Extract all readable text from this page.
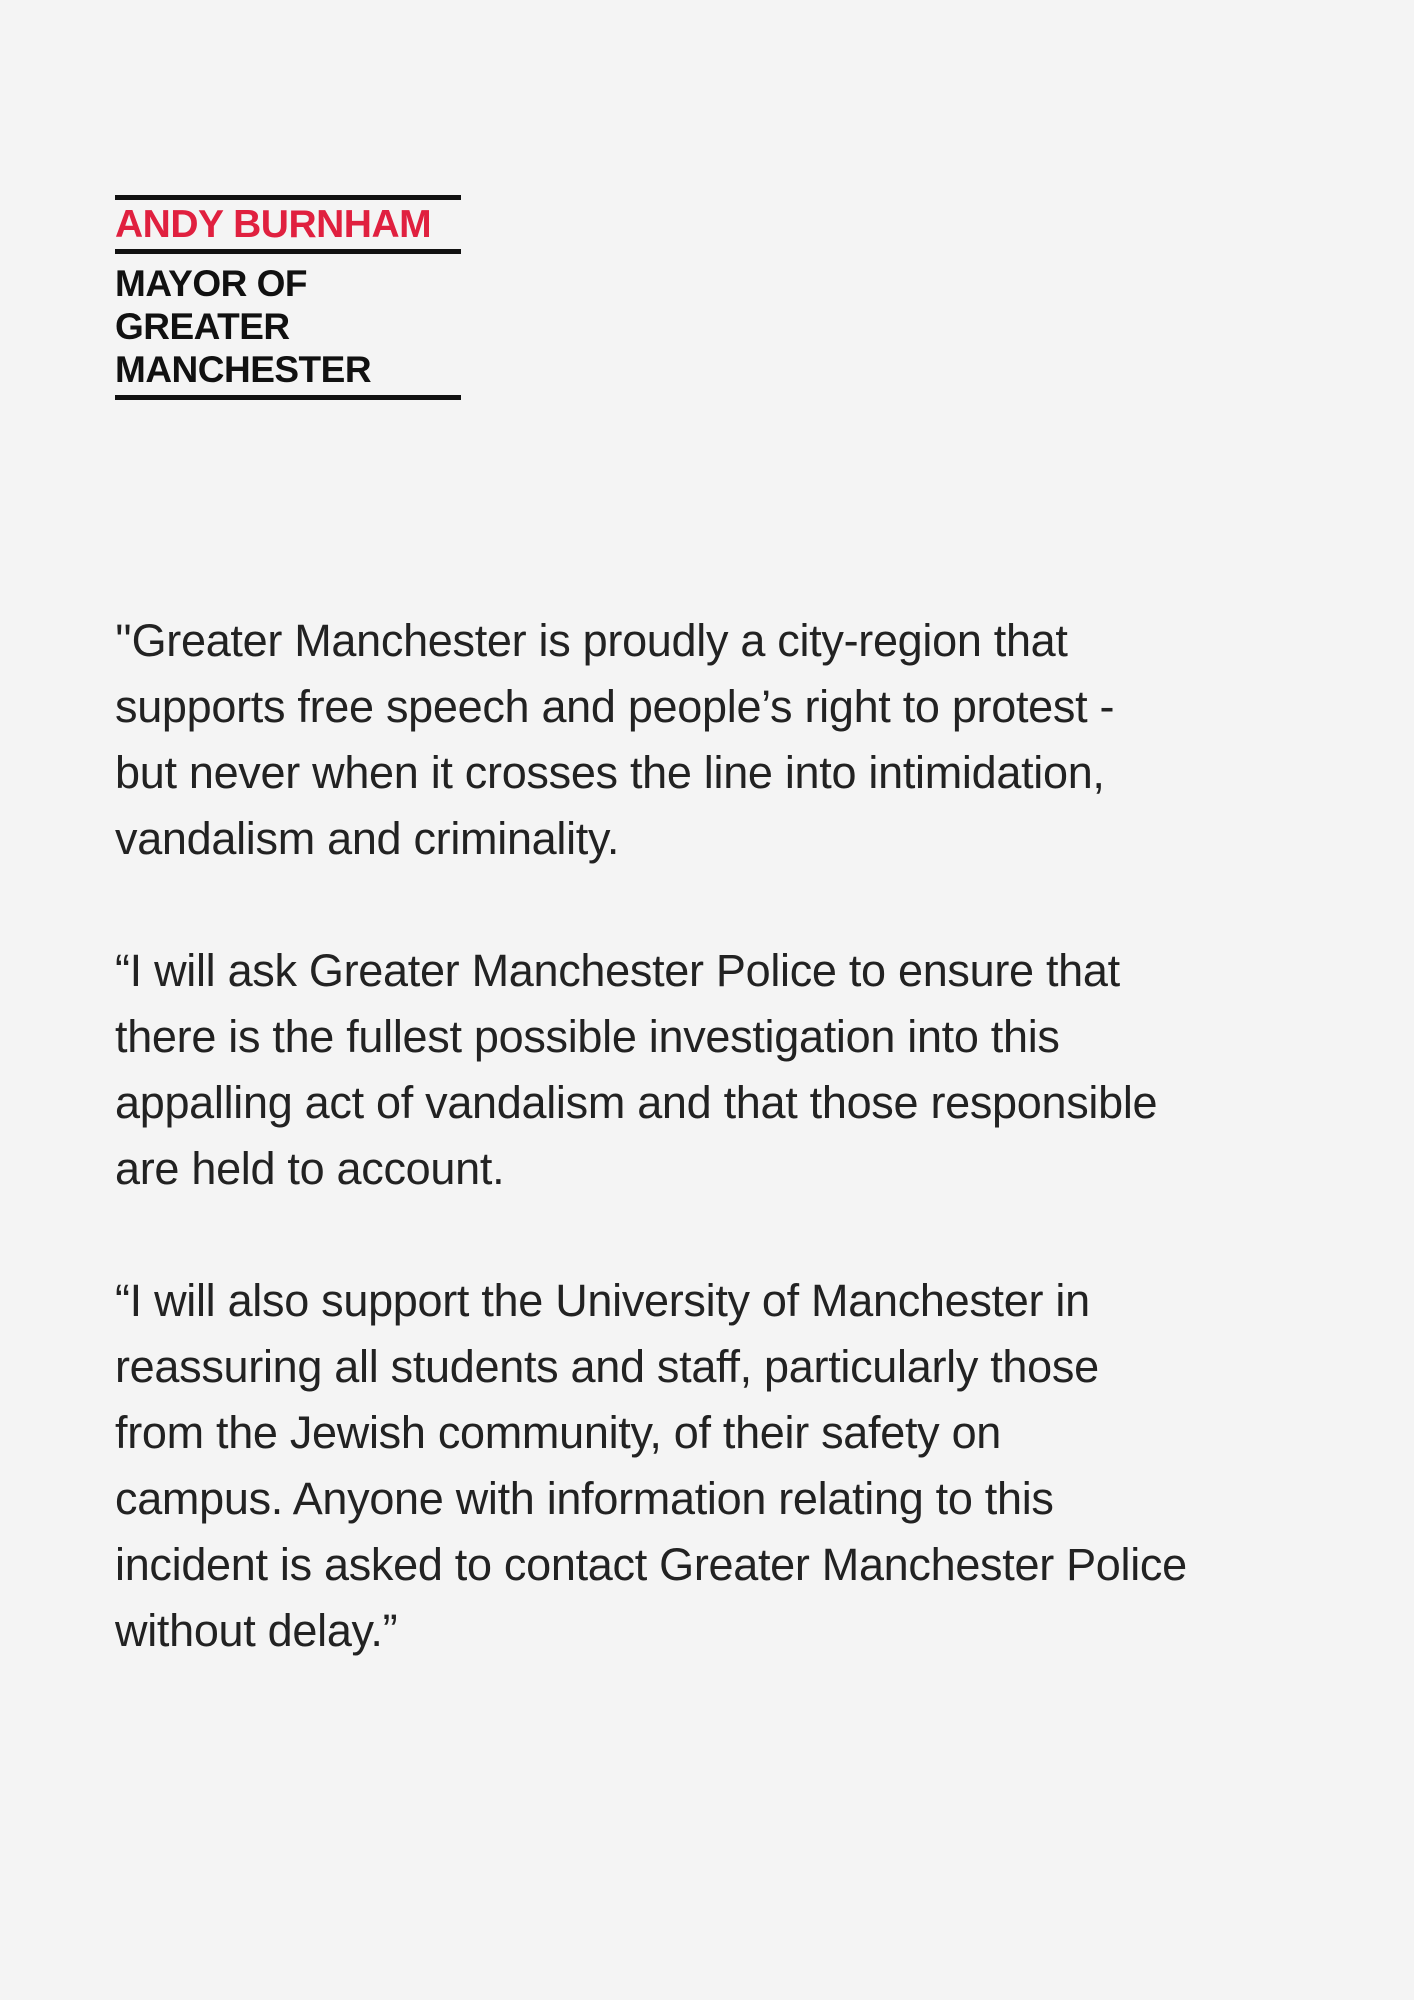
ANDY BURNHAM
MAYOR OF
GREATER
MANCHESTER

''Greater Manchester is proudly a city-region that
supports free speech and people’s right to protest -
but never when it crosses the line into intimidation,
vandalism and criminality.

“I will ask Greater Manchester Police to ensure that
there is the fullest possible investigation into this
appalling act of vandalism and that those responsible
are held to account.

“I will also support the University of Manchester in
reassuring all students and staff, particularly those
from the Jewish community, of their safety on
campus. Anyone with information relating to this
incident is asked to contact Greater Manchester Police
without delay.”
